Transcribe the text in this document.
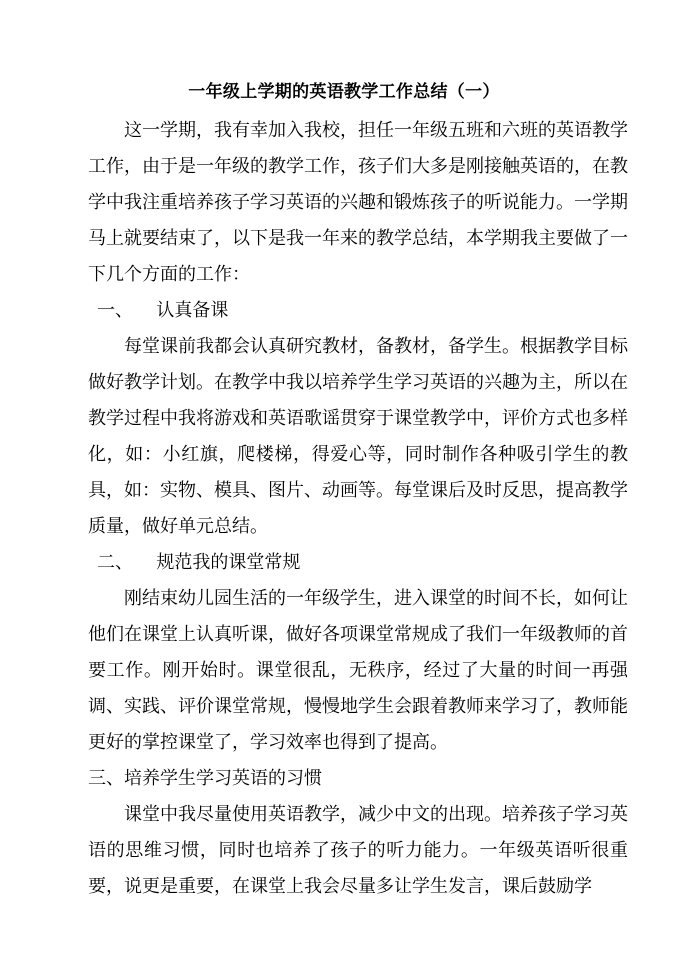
一年级上学期的英语教学工作总结（一）

这一学期，我有幸加入我校，担任一年级五班和六班的英语教学工作，由于是一年级的教学工作，孩子们大多是刚接触英语的，在教学中我注重培养孩子学习英语的兴趣和锻炼孩子的听说能力。一学期马上就要结束了，以下是我一年来的教学总结，本学期我主要做了一下几个方面的工作：

一、 认真备课

每堂课前我都会认真研究教材，备教材，备学生。根据教学目标做好教学计划。在教学中我以培养学生学习英语的兴趣为主，所以在教学过程中我将游戏和英语歌谣贯穿于课堂教学中，评价方式也多样化，如：小红旗，爬楼梯，得爱心等，同时制作各种吸引学生的教具，如：实物、模具、图片、动画等。每堂课后及时反思，提高教学质量，做好单元总结。

二、 规范我的课堂常规

刚结束幼儿园生活的一年级学生，进入课堂的时间不长，如何让他们在课堂上认真听课，做好各项课堂常规成了我们一年级教师的首要工作。刚开始时。课堂很乱，无秩序，经过了大量的时间一再强调、实践、评价课堂常规，慢慢地学生会跟着教师来学习了，教师能更好的掌控课堂了，学习效率也得到了提高。

三、培养学生学习英语的习惯

课堂中我尽量使用英语教学，减少中文的出现。培养孩子学习英语的思维习惯，同时也培养了孩子的听力能力。一年级英语听很重要，说更是重要，在课堂上我会尽量多让学生发言，课后鼓励学
